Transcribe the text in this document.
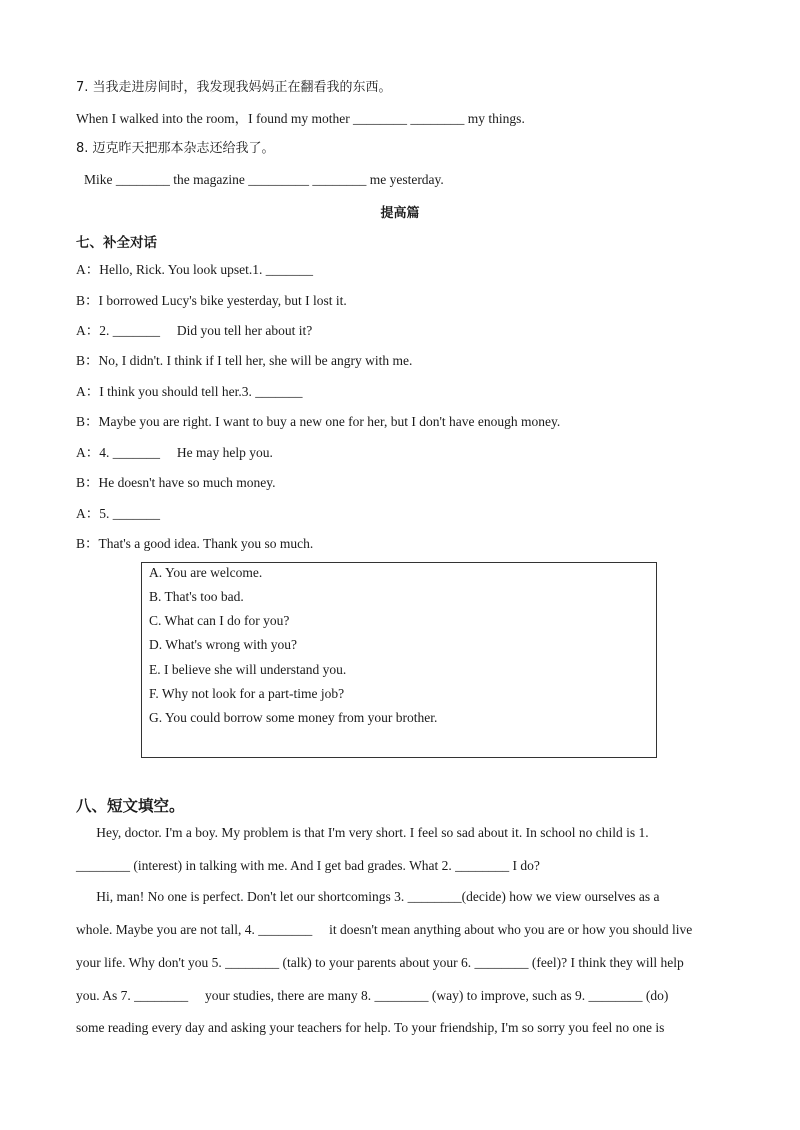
7. 当我走进房间时，我发现我妈妈正在翻看我的东西。
When I walked into the room，I found my mother ________ ________ my things.
8. 迈克昨天把那本杂志还给我了。
Mike ________ the magazine _________ ________ me yesterday.
提高篇
七、补全对话
A：Hello, Rick. You look upset.1. _______
B：I borrowed Lucy's bike yesterday, but I lost it.
A：2. _______     Did you tell her about it?
B：No, I didn't. I think if I tell her, she will be angry with me.
A：I think you should tell her.3. _______
B：Maybe you are right. I want to buy a new one for her, but I don't have enough money.
A：4. _______     He may help you.
B：He doesn't have so much money.
A：5. _______
B：That's a good idea. Thank you so much.
A. You are welcome.
B. That's too bad.
C. What can I do for you?
D. What's wrong with you?
E. I believe she will understand you.
F. Why not look for a part-time job?
G. You could borrow some money from your brother.
八、短文填空。
Hey, doctor. I'm a boy. My problem is that I'm very short. I feel so sad about it. In school no child is 1.
________ (interest) in talking with me. And I get bad grades. What 2. ________ I do?
Hi, man! No one is perfect. Don't let our shortcomings 3. ________(decide) how we view ourselves as a
whole. Maybe you are not tall, 4. ________     it doesn't mean anything about who you are or how you should live
your life. Why don't you 5. ________ (talk) to your parents about your 6. ________ (feel)? I think they will help
you. As 7. ________     your studies, there are many 8. ________ (way) to improve, such as 9. ________ (do)
some reading every day and asking your teachers for help. To your friendship, I'm so sorry you feel no one is
